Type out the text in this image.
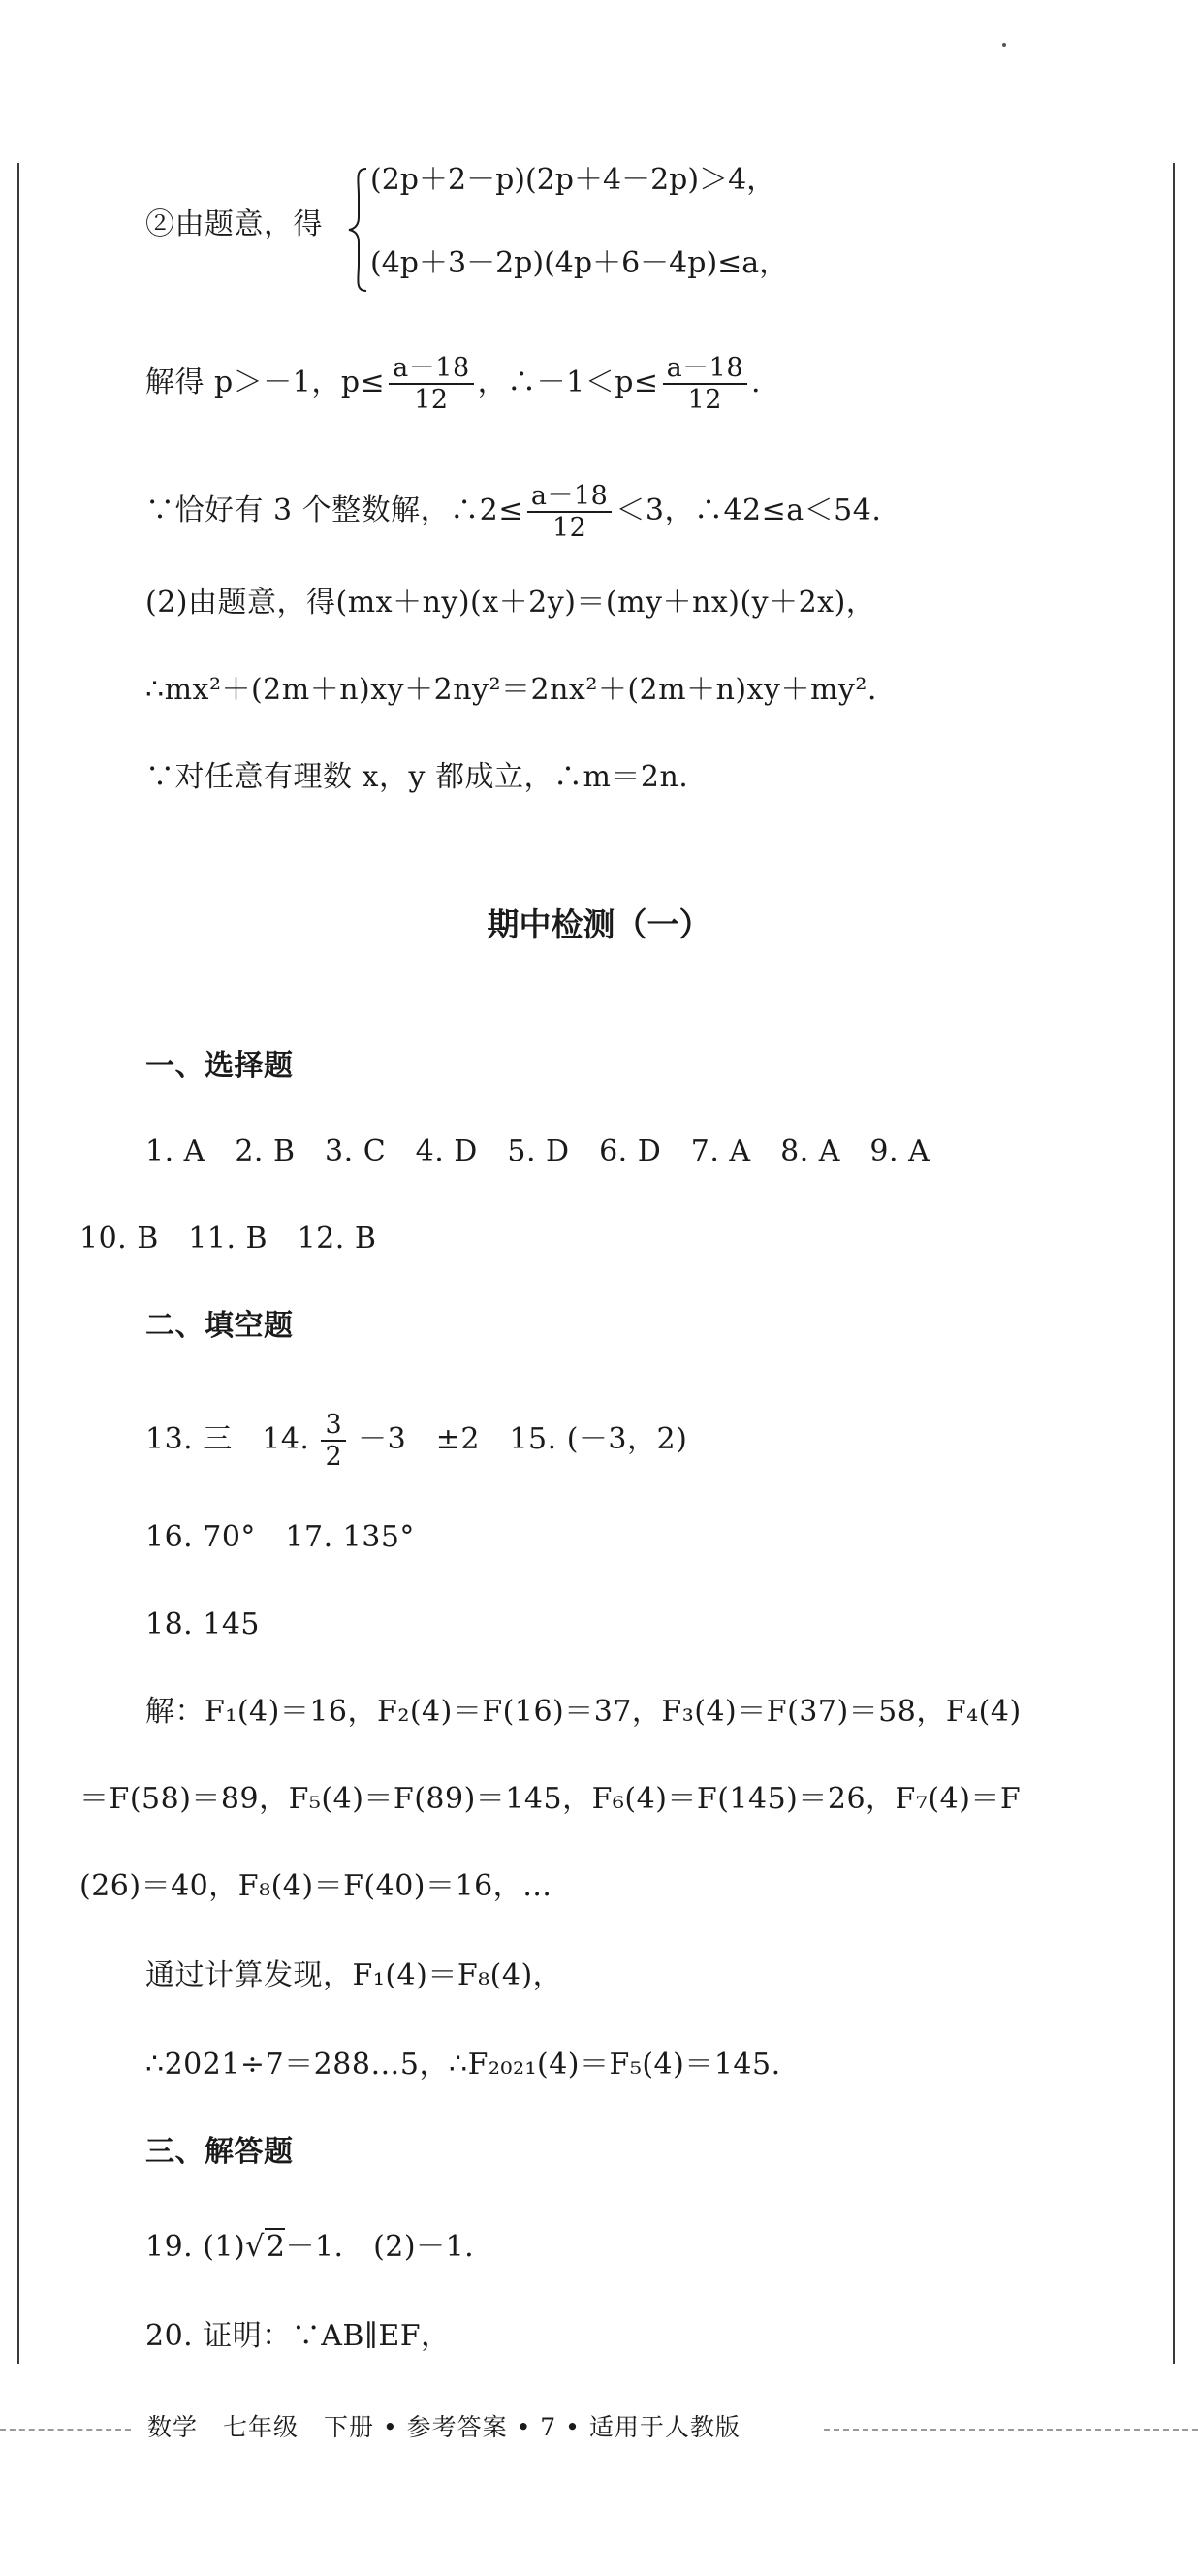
②由题意，得
(2p＋2－p)(2p＋4－2p)＞4，
(4p＋3－2p)(4p＋6－4p)≤a，
解得 p＞－1，$p\le \frac{a-18}{12}$ ，∴－1＜p≤ $\frac{a-18}{12}$ .
∵恰好有 3 个整数解，∴2≤ $\frac{a-18}{12} <3$，∴42≤a＜54.
(2)由题意，得(mx＋ny)(x＋2y)＝(my＋nx)(y＋2x)，
∴mx²＋(2m＋n)xy＋2ny²＝2nx²＋(2m＋n)xy＋my².
∵对任意有理数 x，y 都成立，∴m＝2n.
期中检测（一）
一、选择题
1. A　2. B　3. C　4. D　5. D　6. D　7. A　8. A　9. A
10. B　11. B　12. B
二、填空题
13. 三　14. $\frac{3}{2} -3$　±2　15. (－3，2)
16. 70°　17. 135°
18. 145
解：F₁(4)＝16，F₂(4)＝F(16)＝37，F₃(4)＝F(37)＝58，F₄(4)
＝F(58)＝89，F₅(4)＝F(89)＝145，F₆(4)＝F(145)＝26，F₇(4)＝F
(26)＝40，F₈(4)＝F(40)＝16，…
通过计算发现，F₁(4)＝F₈(4)，
∴2021÷7＝288…5，∴F₂₀₂₁(4)＝F₅(4)＝145.
三、解答题
19. (1)√2－1.　(2)－1.
20. 证明：∵AB∥EF，
数学　七年级　下册 • 参考答案 • 7 • 适用于人教版
